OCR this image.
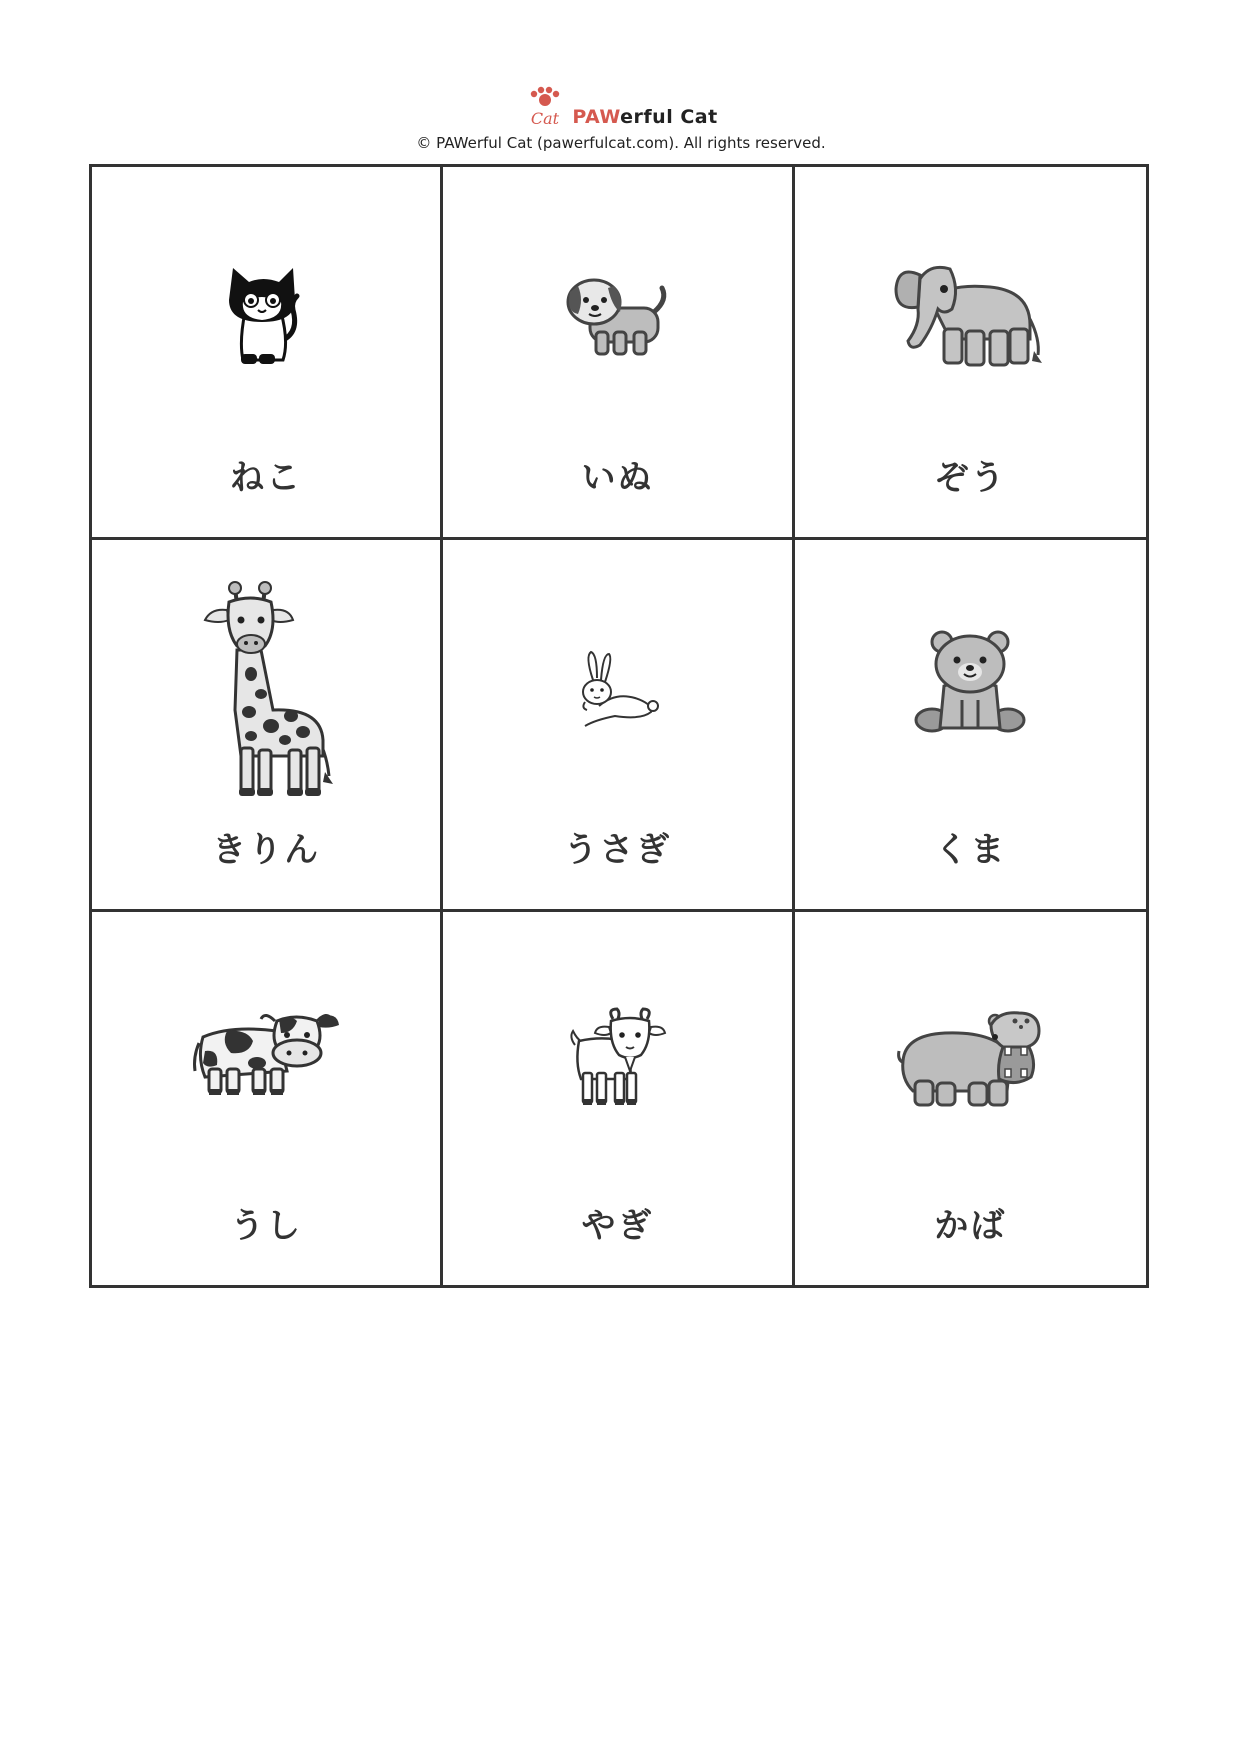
Cat PAWerful Cat
© PAWerful Cat (pawerfulcat.com). All rights reserved.
ねこ	いぬ	ぞう
きりん	うさぎ	くま
うし	やぎ	かば
